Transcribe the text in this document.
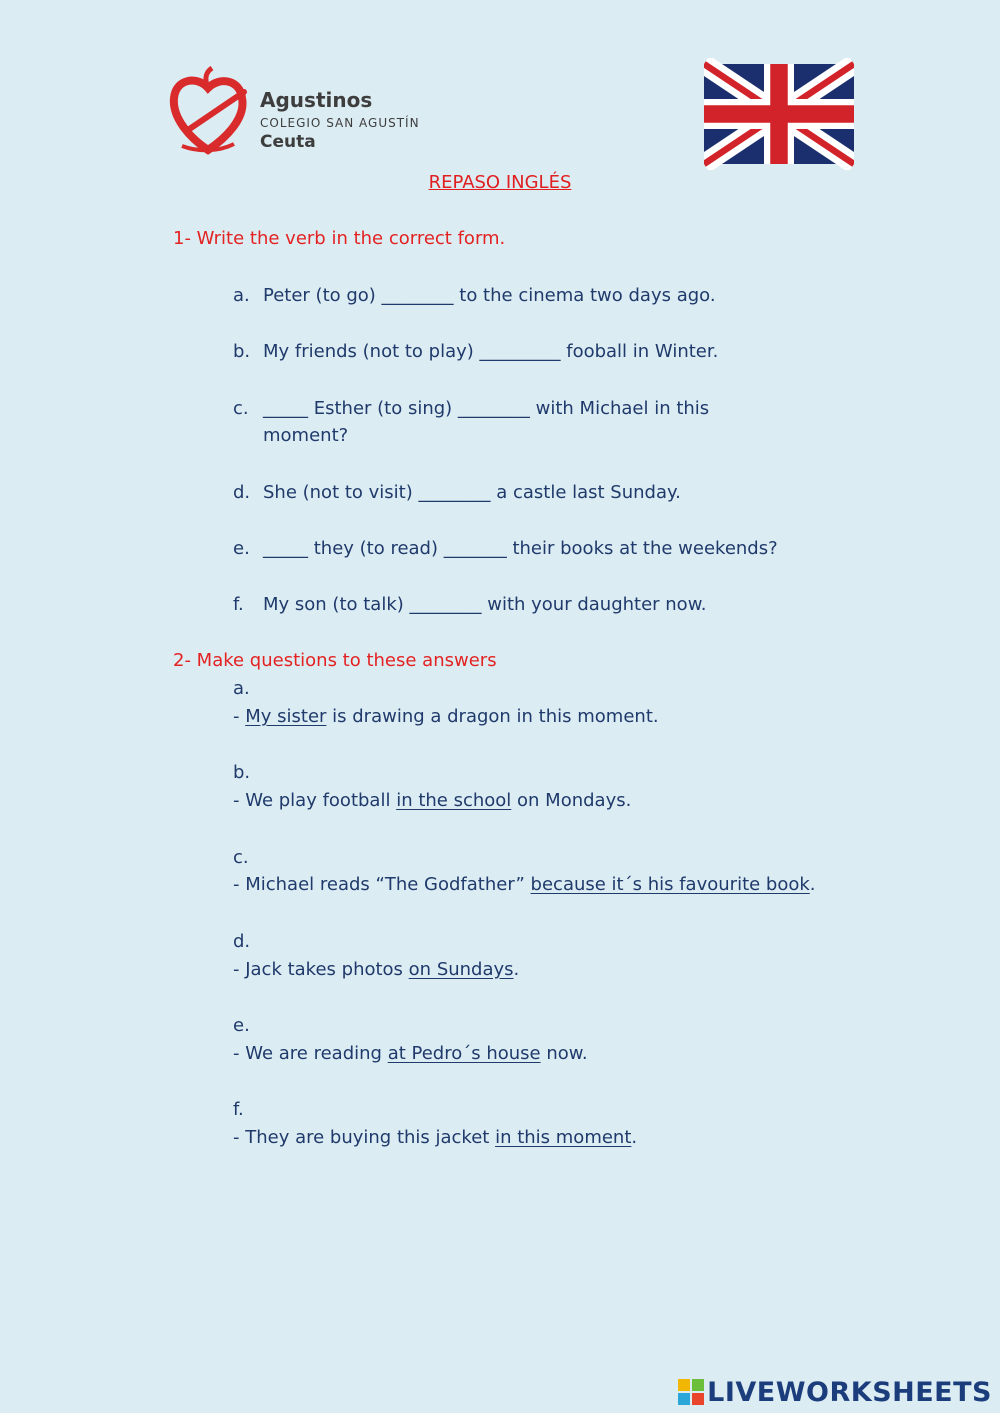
Agustinos
COLEGIO SAN AGUSTÍN
Ceuta
REPASO INGLÉS
1- Write the verb in the correct form.
a. Peter (to go) ________ to the cinema two days ago.
b. My friends (not to play) _________ fooball in Winter.
c. _____ Esther (to sing) ________ with Michael in this
moment?
d. She (not to visit) ________ a castle last Sunday.
e. _____ they (to read) _______ their books at the weekends?
f. My son (to talk) ________ with your daughter now.
2- Make questions to these answers
a.
- My sister is drawing a dragon in this moment.
b.
- We play football in the school on Mondays.
c.
- Michael reads “The Godfather” because it´s his favourite book.
d.
- Jack takes photos on Sundays.
e.
- We are reading at Pedro´s house now.
f.
- They are buying this jacket in this moment.
LIVEWORKSHEETS
